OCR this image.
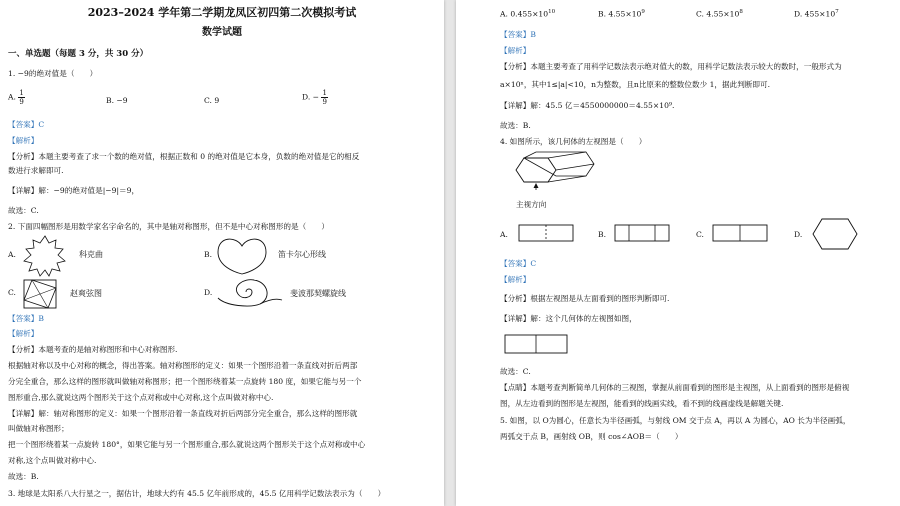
2023–2024 学年第二学期龙凤区初四第二次模拟考试
数学试题
一、单选题（每题 3 分，共 30 分）
1. −9的绝对值是（　　）
A. $\frac{1}{9}$	B. −9	C. 9	D. − $\frac{1}{9}$
【答案】C
【解析】
【分析】本题主要考查了求一个数的绝对值，根据正数和 0 的绝对值是它本身，负数的绝对值是它的相反
数进行求解即可.
【详解】解：−9的绝对值是|−9|＝9，
故选：C.
2. 下面四幅图形是用数学家名字命名的，其中是轴对称图形，但不是中心对称图形的是（　　）
A.	科克曲	B.	笛卡尔心形线
C.	赵爽弦图	D.	斐波那契螺旋线
【答案】B
【解析】
【分析】本题考查的是轴对称图形和中心对称图形.
根据轴对称以及中心对称的概念，得出答案。轴对称图形的定义：如果一个图形沿着一条直线对折后两部
分完全重合，那么这样的图形就叫做轴对称图形；把一个图形绕着某一点旋转 180 度，如果它能与另一个
图形重合,那么就说这两个图形关于这个点对称或中心对称,这个点叫做对称中心.
【详解】解：轴对称图形的定义：如果一个图形沿着一条直线对折后两部分完全重合，那么这样的图形就
叫做轴对称图形；
把一个图形绕着某一点旋转 180°，如果它能与另一个图形重合,那么就说这两个图形关于这个点对称或中心
对称,这个点叫做对称中心.
故选：B.
3. 地球是太阳系八大行星之一，据估计，地球大约有 45.5 亿年前形成的，45.5 亿用科学记数法表示为（　　）
A. $0.455\times 10^{10}$	B. $4.55\times 10^9$	C. $4.55\times 10^8$	D. $455\times 10^7$
【答案】B
【解析】
【分析】本题主要考查了用科学记数法表示绝对值大的数，用科学记数法表示较大的数时，一般形式为
a×10ⁿ，其中1≤|a|<10，n为整数，且n比原来的整数位数少 1，据此判断即可.
【详解】解：45.5 亿＝4550000000＝4.55×10⁹.
故选：B.
4. 如图所示，该几何体的左视图是（　　）
主视方向
A.	B.	C.	D.
【答案】C
【解析】
【分析】根据左视图是从左面看到的图形判断即可.
【详解】解：这个几何体的左视图如图，
故选：C.
【点睛】本题考查判断简单几何体的三视图，掌握从前面看到的图形是主视图，从上面看到的图形是俯视
图，从左边看到的图形是左视图，能看到的线画实线，看不到的线画虚线是解题关键.
5. 如图，以 O为圆心，任意长为半径画弧，与射线 OM 交于点 A，再以 A 为圆心，AO 长为半径画弧，
两弧交于点 B，画射线 OB，则 cos∠AOB＝（　　）
